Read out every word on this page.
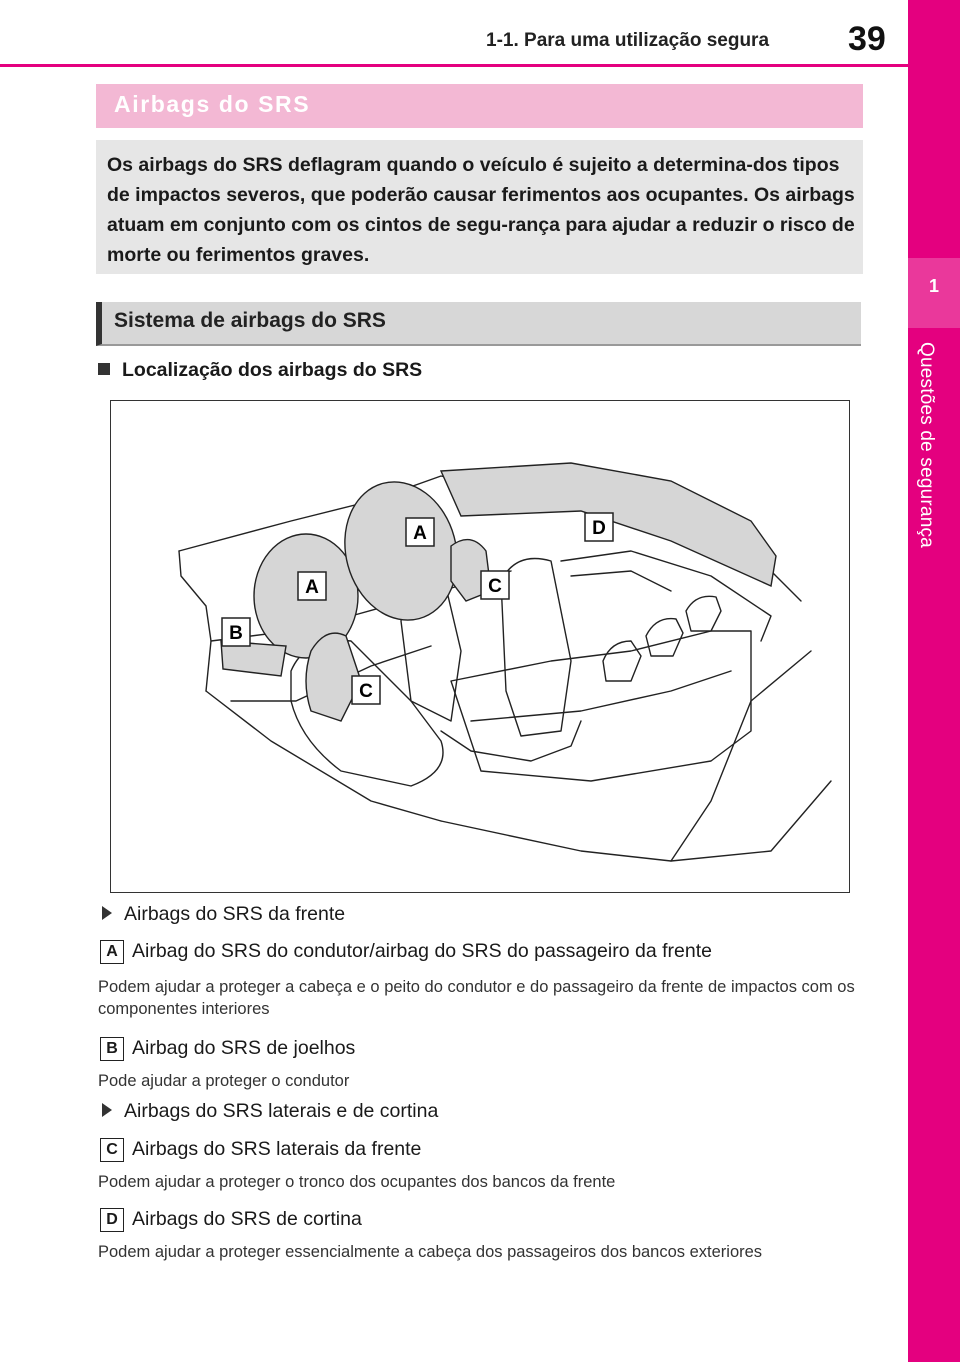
1-1. Para uma utilização segura 39
1
Questões de segurança
Airbags do SRS
Os airbags do SRS deflagram quando o veículo é sujeito a determina-dos tipos de impactos severos, que poderão causar ferimentos aos ocupantes. Os airbags atuam em conjunto com os cintos de segu-rança para ajudar a reduzir o risco de morte ou ferimentos graves.
Sistema de airbags do SRS
Localização dos airbags do SRS
A
A
B
C
C
D
Airbags do SRS da frente
A Airbag do SRS do condutor/airbag do SRS do passageiro da frente
Podem ajudar a proteger a cabeça e o peito do condutor e do passageiro da frente de impactos com os componentes interiores
B Airbag do SRS de joelhos
Pode ajudar a proteger o condutor
Airbags do SRS laterais e de cortina
C Airbags do SRS laterais da frente
Podem ajudar a proteger o tronco dos ocupantes dos bancos da frente
D Airbags do SRS de cortina
Podem ajudar a proteger essencialmente a cabeça dos passageiros dos bancos exteriores
